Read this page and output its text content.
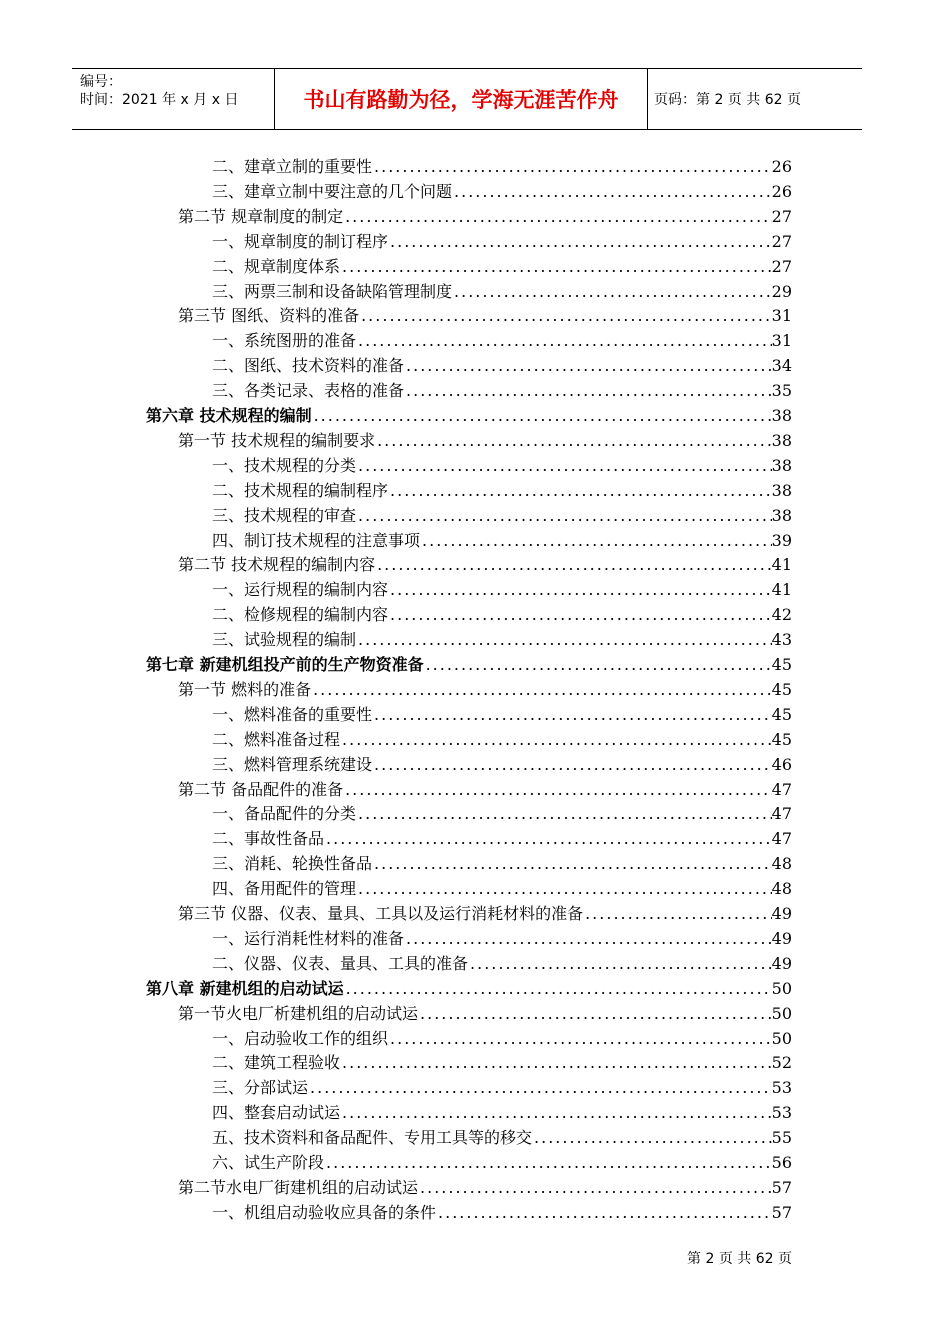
编号：
时间：2021 年 x 月 x 日	书山有路勤为径，学海无涯苦作舟	页码：第 2 页 共 62 页
二、建章立制的重要性 .....	26
三、建章立制中要注意的几个问题 .....	26
第二节 规章制度的制定 .....	27
一、规章制度的制订程序 .....	27
二、规章制度体系 .....	27
三、两票三制和设备缺陷管理制度 .....	29
第三节 图纸、资料的准备 .....	31
一、系统图册的准备 .....	31
二、图纸、技术资料的准备 .....	34
三、各类记录、表格的准备 .....	35
第六章 技术规程的编制 .....	38
第一节 技术规程的编制要求 .....	38
一、技术规程的分类 .....	38
二、技术规程的编制程序 .....	38
三、技术规程的审查 .....	38
四、制订技术规程的注意事项 .....	39
第二节 技术规程的编制内容 .....	41
一、运行规程的编制内容 .....	41
二、检修规程的编制内容 .....	42
三、试验规程的编制 .....	43
第七章 新建机组投产前的生产物资准备 .....	45
第一节 燃料的准备 .....	45
一、燃料准备的重要性 .....	45
二、燃料准备过程 .....	45
三、燃料管理系统建设 .....	46
第二节 备品配件的准备 .....	47
一、备品配件的分类 .....	47
二、事故性备品 .....	47
三、消耗、轮换性备品 .....	48
四、备用配件的管理 .....	48
第三节 仪器、仪表、量具、工具以及运行消耗材料的准备 .....	49
一、运行消耗性材料的准备 .....	49
二、仪器、仪表、量具、工具的准备 .....	49
第八章 新建机组的启动试运 .....	50
第一节火电厂析建机组的启动试运 .....	50
一、启动验收工作的组织 .....	50
二、建筑工程验收 .....	52
三、分部试运 .....	53
四、整套启动试运 .....	53
五、技术资料和备品配件、专用工具等的移交 .....	55
六、试生产阶段 .....	56
第二节水电厂街建机组的启动试运 .....	57
一、机组启动验收应具备的条件 .....	57
第 2 页 共 62 页
